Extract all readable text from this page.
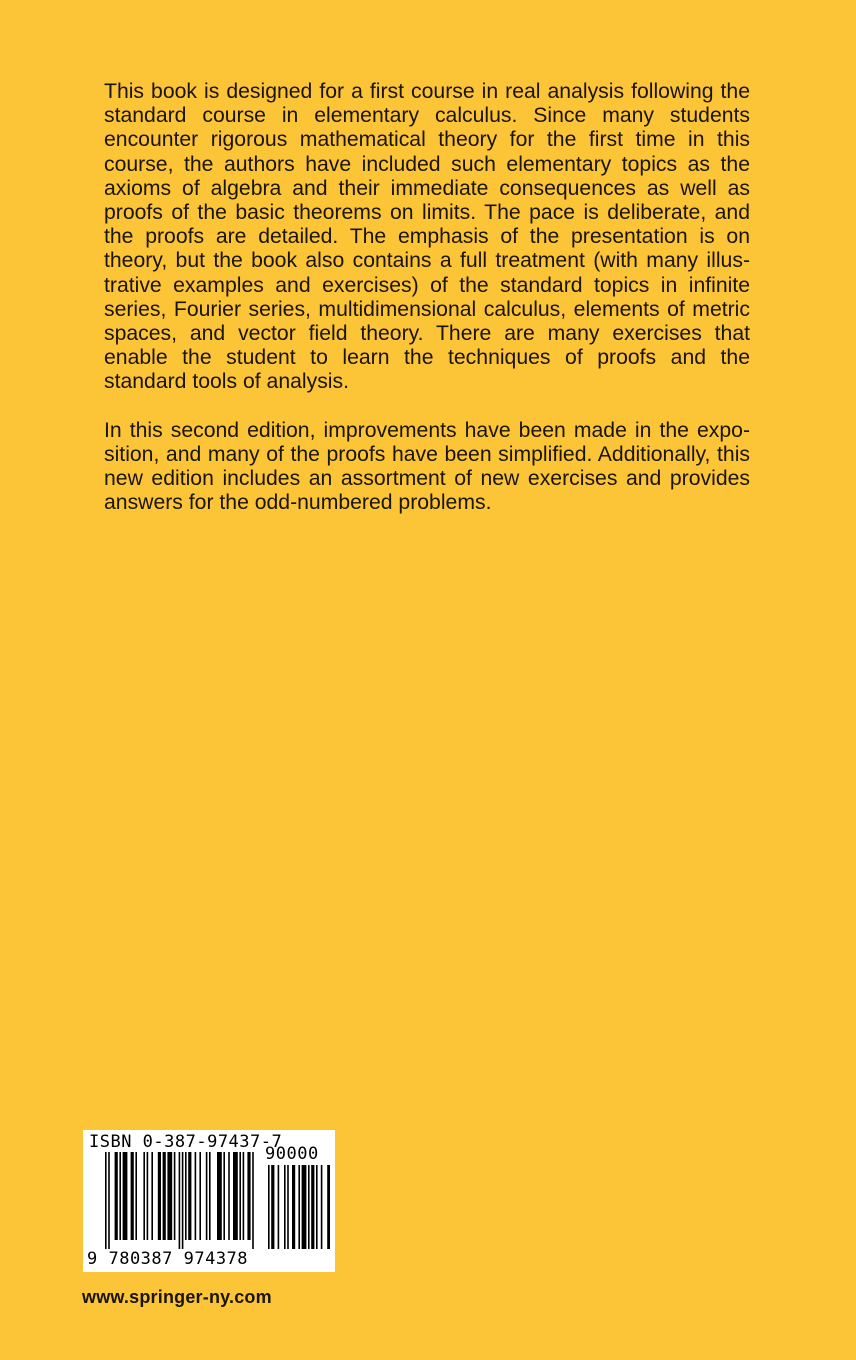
This book is designed for a first course in real analysis following the standard course in elementary calculus. Since many students encounter rigorous mathematical theory for the first time in this course, the authors have included such elementary topics as the axioms of algebra and their immediate consequences as well as proofs of the basic theorems on limits. The pace is deliberate, and the proofs are detailed. The emphasis of the presentation is on theory, but the book also contains a full treatment (with many illustrative examples and exercises) of the standard topics in infinite series, Fourier series, multidimensional calculus, elements of metric spaces, and vector field theory. There are many exercises that enable the student to learn the techniques of proofs and the standard tools of analysis.

In this second edition, improvements have been made in the exposition, and many of the proofs have been simplified. Additionally, this new edition includes an assortment of new exercises and provides answers for the odd-numbered problems.

ISBN 0-387-97437-7
90000
9 780387 974378
www.springer-ny.com
